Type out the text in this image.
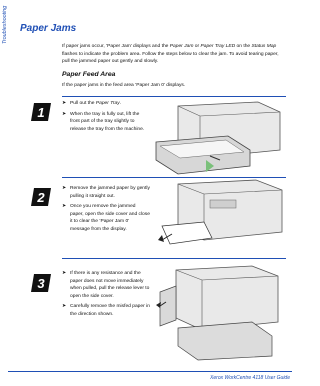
Troubleshooting	Paper Jams

If paper jams occur, ‘Paper Jam’ displays and the Paper Jam or Paper Tray LED on the Status Map flashes to indicate the problem area. Follow the steps below to clear the jam. To avoid tearing paper, pull the jammed paper out gently and slowly.

Paper Feed Area

If the paper jams in the feed area ‘Paper Jam 0’ displays.

1
➤ Pull out the Paper Tray.
➤ When the tray is fully out, lift the front part of the tray slightly to release the tray from the machine.
2
➤ Remove the jammed paper by gently pulling it straight out.
➤ Once you remove the jammed paper, open the side cover and close it to clear the ‘Paper Jam 0’ message from the display.
3
➤ If there is any resistance and the paper does not move immediately when pulled, pull the release lever to open the side cover.
➤ Carefully remove the misfed paper in the direction shown.
Xerox WorkCentre 4118 User Guide
